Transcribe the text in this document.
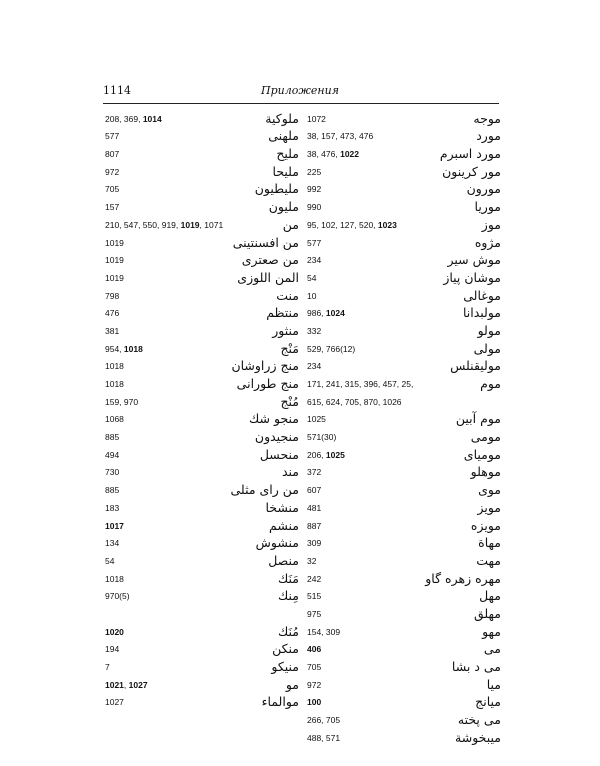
1114	Приложения
208, 369, 1014	ملوكية
577	ملهنى
807	مليح
972	مليحا
705	مليطيون
157	مليون
210, 547, 550, 919, 1019, 1071	من
1019	من افسنتينى
1019	من صعترى
1019	المن اللوزى
798	منت
476	منتظم
381	منثور
954, 1018	مَنْج
1018	منج زراوشان
1018	منج طورانى
159, 970	مُنْج
1068	منجو شك
885	منجيدون
494	منحسل
730	مند
885	من راى مثلى
183	منشخا
1017	منشم
134	منشوش
54	منصل
1018	مَنَك
970(5)	مِنك
1020	مُنَك
194	منكن
7	منيكو
1021, 1027	مو
1027	موالماء
1072	موجه
38, 157, 473, 476	مورد
38, 476, 1022	مورد اسبرم
225	مور كرينون
992	مورون
990	موريا
95, 102, 127, 520, 1023	موز
577	مژوه
234	موش سير
54	موشان پياز
10	موغالى
986, 1024	مولبدانا
332	مولو
529, 766(12)	مولى
234	موليقنلس
171, 241, 315, 396, 457, 25,	موم
615, 624, 705, 870, 1026
1025	موم آبين
571(30)	مومى
206, 1025	موميای
372	موهلو
607	موى
481	مويز
887	مويزه
309	مهاة
32	مهت
242	مهره زهره گاو
515	مهل
975	مهلق
154, 309	مهو
406	مى
705	مى د بشا
972	ميا
100	ميانج
266, 705	مى پخته
488, 571	ميبخوشة
